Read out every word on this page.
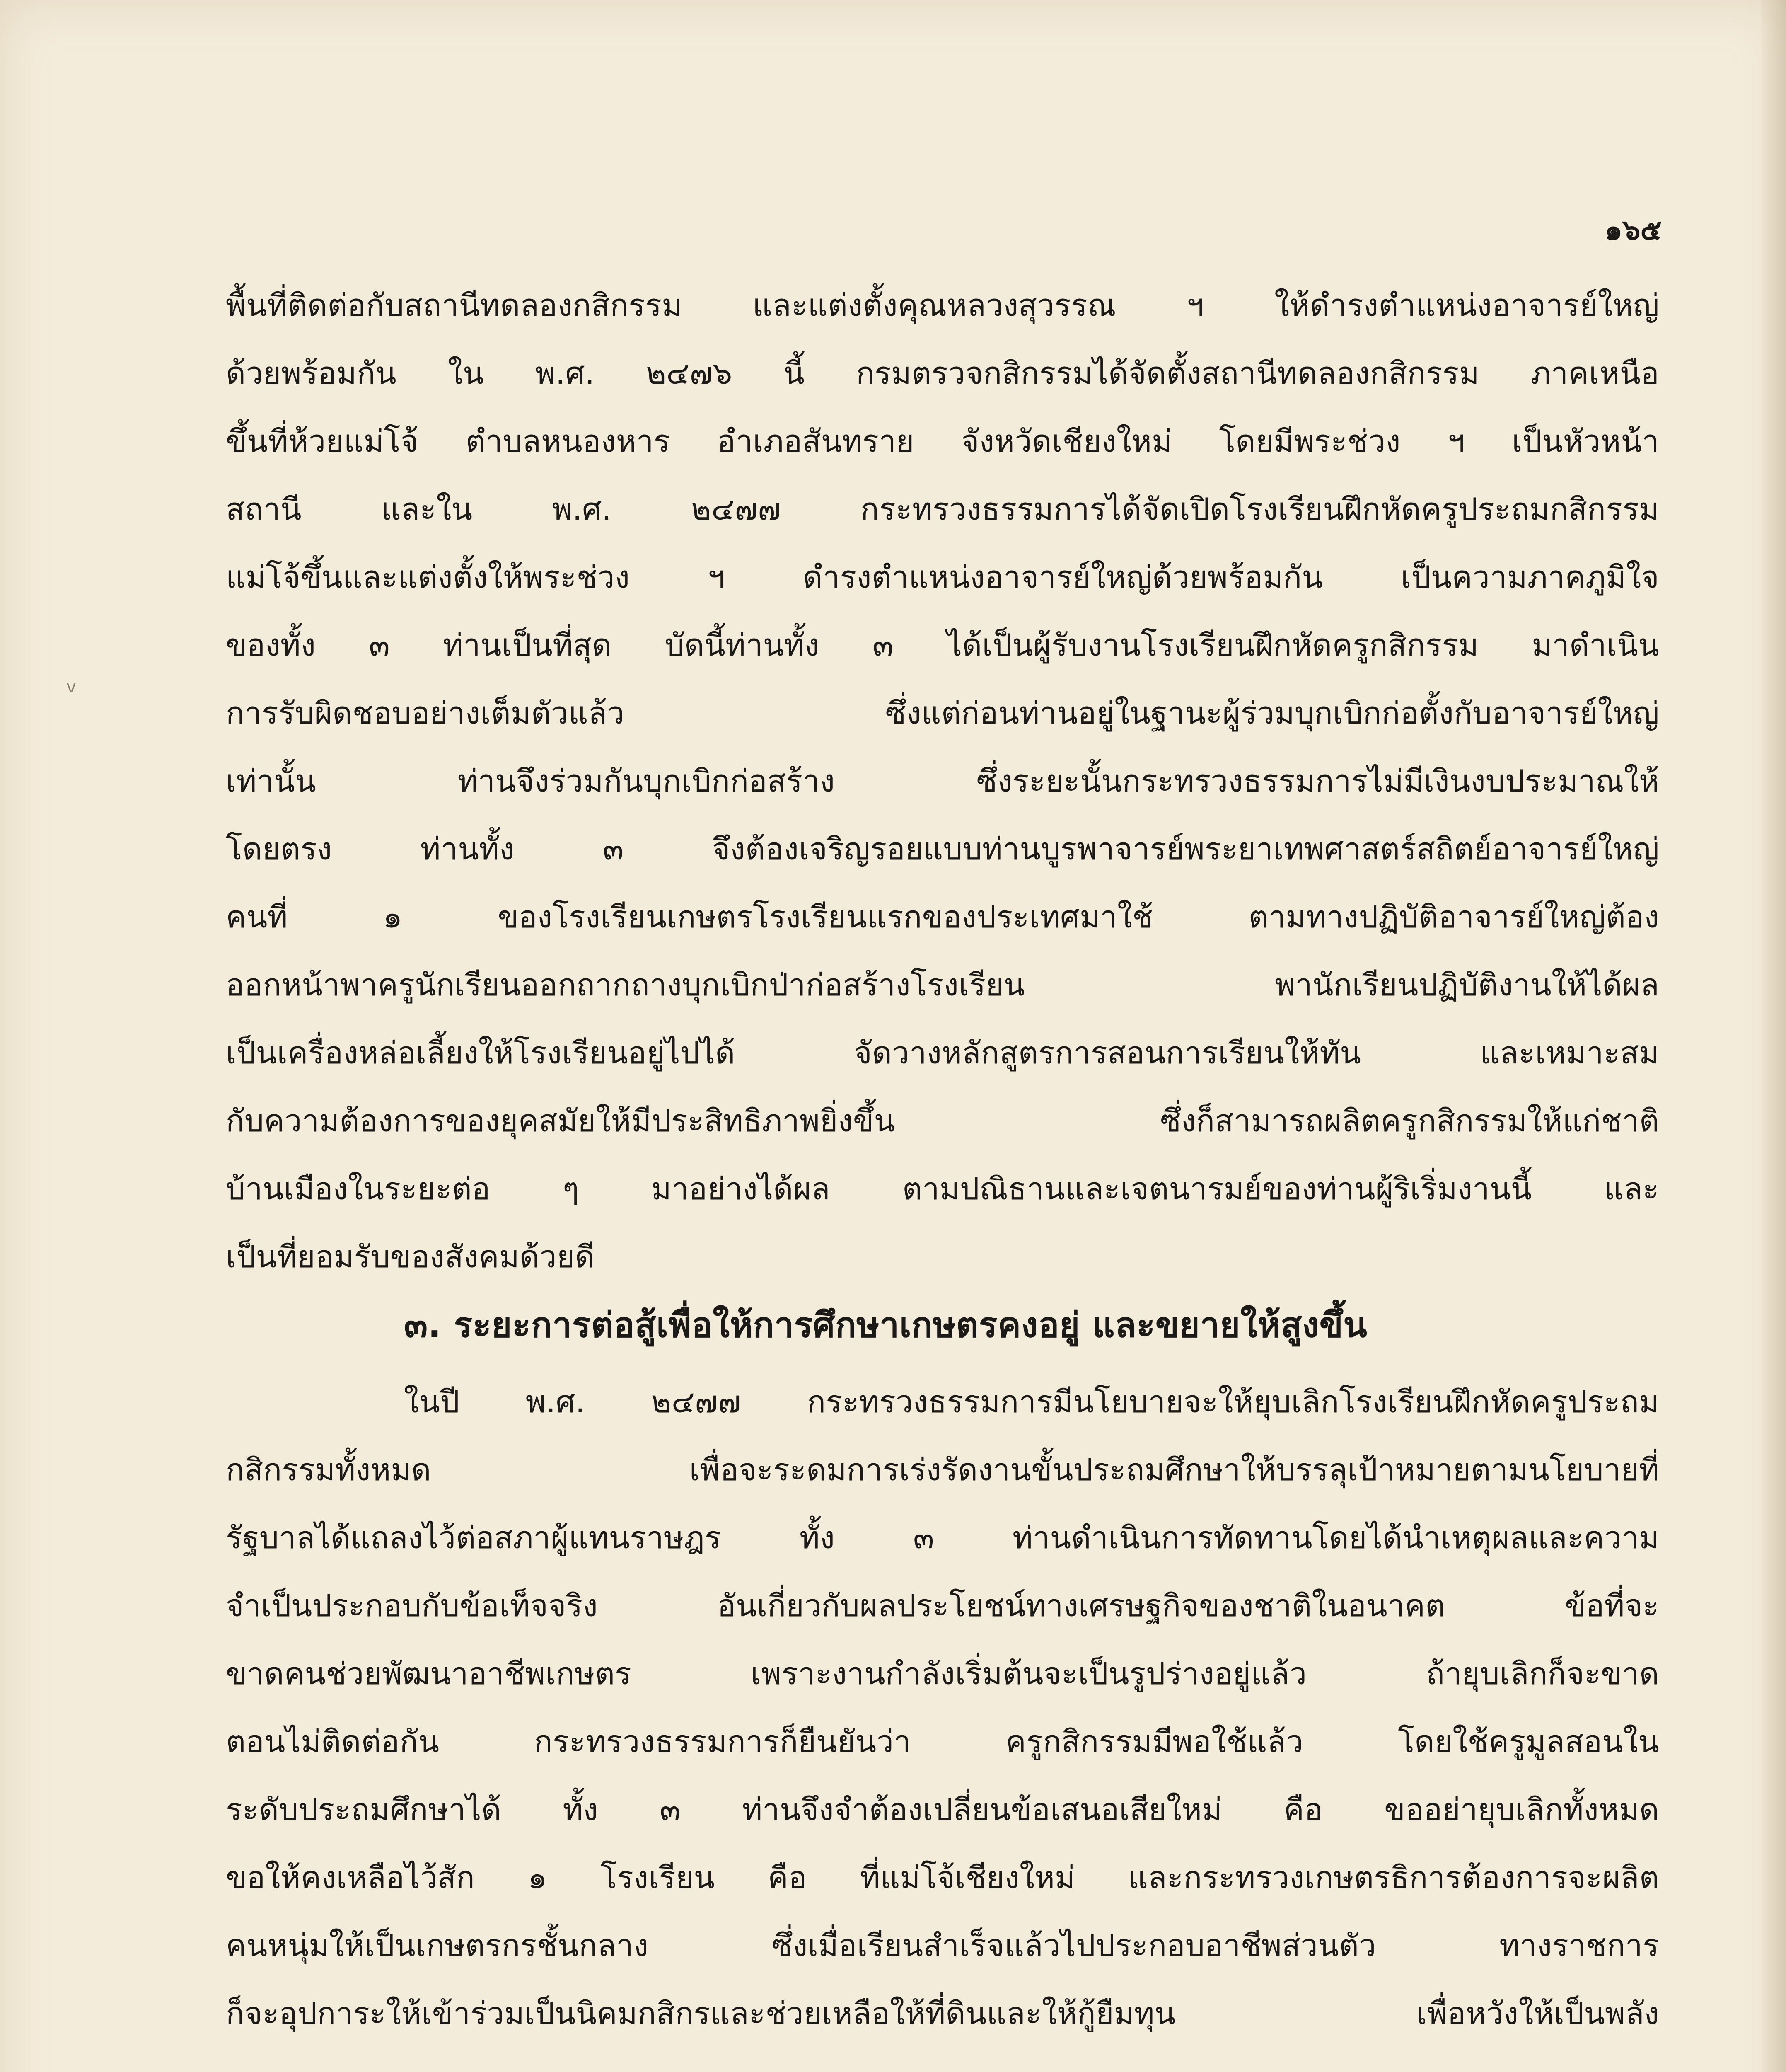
v
๑๖๕
พื้นที่ติดต่อกับสถานีทดลองกสิกรรม และแต่งตั้งคุณหลวงสุวรรณ ฯ ให้ดำรงตำแหน่งอาจารย์ใหญ่
ด้วยพร้อมกัน ใน พ.ศ. ๒๔๗๖ นี้ กรมตรวจกสิกรรมได้จัดตั้งสถานีทดลองกสิกรรม ภาคเหนือ
ขึ้นที่ห้วยแม่โจ้ ตำบลหนองหาร อำเภอสันทราย จังหวัดเชียงใหม่ โดยมีพระช่วง ฯ เป็นหัวหน้า
สถานี และใน พ.ศ. ๒๔๗๗ กระทรวงธรรมการได้จัดเปิดโรงเรียนฝึกหัดครูประถมกสิกรรม
แม่โจ้ขึ้นและแต่งตั้งให้พระช่วง ฯ ดำรงตำแหน่งอาจารย์ใหญ่ด้วยพร้อมกัน เป็นความภาคภูมิใจ
ของทั้ง ๓ ท่านเป็นที่สุด บัดนี้ท่านทั้ง ๓ ได้เป็นผู้รับงานโรงเรียนฝึกหัดครูกสิกรรม มาดำเนิน
การรับผิดชอบอย่างเต็มตัวแล้ว ซึ่งแต่ก่อนท่านอยู่ในฐานะผู้ร่วมบุกเบิกก่อตั้งกับอาจารย์ใหญ่
เท่านั้น ท่านจึงร่วมกันบุกเบิกก่อสร้าง ซึ่งระยะนั้นกระทรวงธรรมการไม่มีเงินงบประมาณให้
โดยตรง ท่านทั้ง ๓ จึงต้องเจริญรอยแบบท่านบูรพาจารย์พระยาเทพศาสตร์สถิตย์อาจารย์ใหญ่
คนที่ ๑ ของโรงเรียนเกษตรโรงเรียนแรกของประเทศมาใช้ ตามทางปฏิบัติอาจารย์ใหญ่ต้อง
ออกหน้าพาครูนักเรียนออกถากถางบุกเบิกป่าก่อสร้างโรงเรียน พานักเรียนปฏิบัติงานให้ได้ผล
เป็นเครื่องหล่อเลี้ยงให้โรงเรียนอยู่ไปได้ จัดวางหลักสูตรการสอนการเรียนให้ทัน และเหมาะสม
กับความต้องการของยุคสมัยให้มีประสิทธิภาพยิ่งขึ้น ซึ่งก็สามารถผลิตครูกสิกรรมให้แก่ชาติ
บ้านเมืองในระยะต่อ ๆ มาอย่างได้ผล ตามปณิธานและเจตนารมย์ของท่านผู้ริเริ่มงานนี้ และ
เป็นที่ยอมรับของสังคมด้วยดี
๓. ระยะการต่อสู้เพื่อให้การศึกษาเกษตรคงอยู่ และขยายให้สูงขึ้น
ในปี พ.ศ. ๒๔๗๗ กระทรวงธรรมการมีนโยบายจะให้ยุบเลิกโรงเรียนฝึกหัดครูประถม
กสิกรรมทั้งหมด เพื่อจะระดมการเร่งรัดงานขั้นประถมศึกษาให้บรรลุเป้าหมายตามนโยบายที่
รัฐบาลได้แถลงไว้ต่อสภาผู้แทนราษฎร ทั้ง ๓ ท่านดำเนินการทัดทานโดยได้นำเหตุผลและความ
จำเป็นประกอบกับข้อเท็จจริง อันเกี่ยวกับผลประโยชน์ทางเศรษฐกิจของชาติในอนาคต ข้อที่จะ
ขาดคนช่วยพัฒนาอาชีพเกษตร เพราะงานกำลังเริ่มต้นจะเป็นรูปร่างอยู่แล้ว ถ้ายุบเลิกก็จะขาด
ตอนไม่ติดต่อกัน กระทรวงธรรมการก็ยืนยันว่า ครูกสิกรรมมีพอใช้แล้ว โดยใช้ครูมูลสอนใน
ระดับประถมศึกษาได้ ทั้ง ๓ ท่านจึงจำต้องเปลี่ยนข้อเสนอเสียใหม่ คือ ขออย่ายุบเลิกทั้งหมด
ขอให้คงเหลือไว้สัก ๑ โรงเรียน คือ ที่แม่โจ้เชียงใหม่ และกระทรวงเกษตรธิการต้องการจะผลิต
คนหนุ่มให้เป็นเกษตรกรชั้นกลาง ซึ่งเมื่อเรียนสำเร็จแล้วไปประกอบอาชีพส่วนตัว ทางราชการ
ก็จะอุปการะให้เข้าร่วมเป็นนิคมกสิกรและช่วยเหลือให้ที่ดินและให้กู้ยืมทุน เพื่อหวังให้เป็นพลัง
